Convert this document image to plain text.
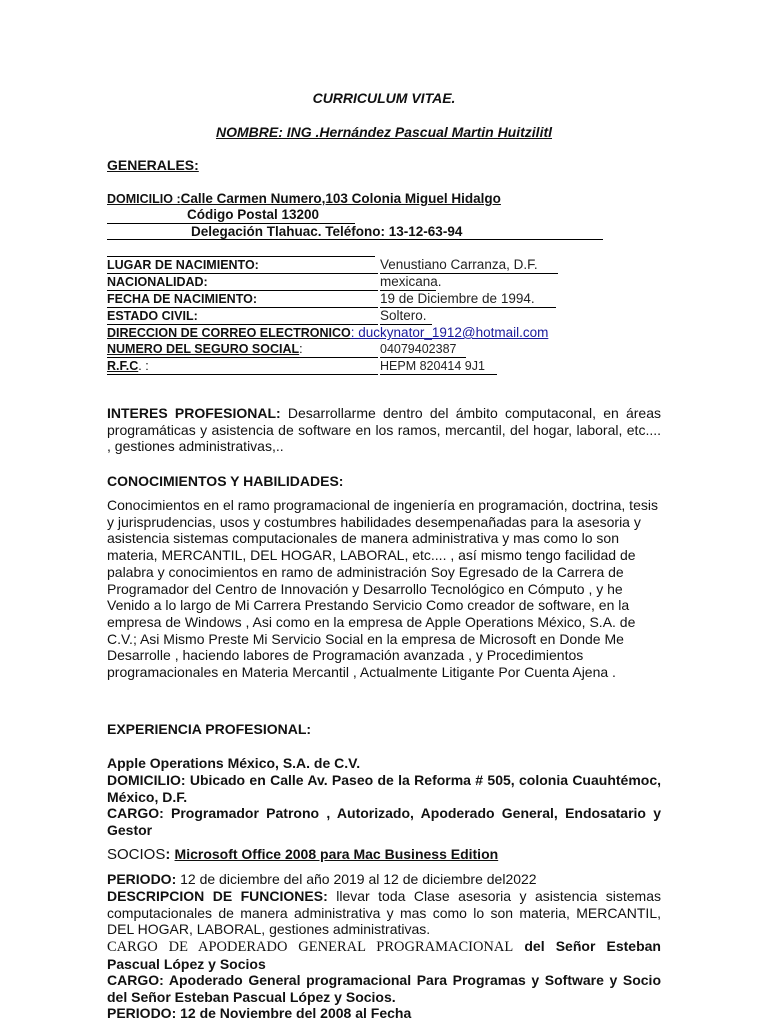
CURRICULUM VITAE.
NOMBRE: ING .Hernández Pascual Martin Huitzilitl
GENERALES:
DOMICILIO :Calle Carmen Numero,103 Colonia Miguel Hidalgo
Código Postal 13200
Delegación Tlahuac. Teléfono: 13-12-63-94
LUGAR DE NACIMIENTO:	Venustiano Carranza, D.F.
NACIONALIDAD:	mexicana.
FECHA DE NACIMIENTO:	19 de Diciembre de 1994.
ESTADO CIVIL:	Soltero.
DIRECCION DE CORREO ELECTRONICO: duckynator_1912@hotmail.com
NUMERO DEL SEGURO SOCIAL:	04079402387
R.F.C. :	HEPM 820414 9J1
INTERES PROFESIONAL: Desarrollarme dentro del ámbito computaconal, en áreas programáticas y asistencia de software en los ramos, mercantil, del hogar, laboral, etc.... , gestiones administrativas,..
CONOCIMIENTOS Y HABILIDADES:
Conocimientos en el ramo programacional de ingeniería en programación, doctrina, tesis y jurisprudencias, usos y costumbres habilidades desempenañadas para la asesoria y asistencia sistemas computacionales de manera administrativa y mas como lo son materia, MERCANTIL, DEL HOGAR, LABORAL, etc.... , así mismo tengo facilidad de palabra y conocimientos en ramo de administración Soy Egresado de la Carrera de Programador del Centro de Innovación y Desarrollo Tecnológico en Cómputo , y he Venido a lo largo de Mi Carrera Prestando Servicio Como creador de software, en la empresa de Windows , Asi como en la empresa de Apple Operations México, S.A. de C.V.; Asi Mismo Preste Mi Servicio Social en la empresa de Microsoft en Donde Me Desarrolle , haciendo labores de Programación avanzada , y Procedimientos programacionales en Materia Mercantil , Actualmente Litigante Por Cuenta Ajena .
EXPERIENCIA PROFESIONAL:
Apple Operations México, S.A. de C.V.
DOMICILIO: Ubicado en Calle Av. Paseo de la Reforma # 505, colonia Cuauhtémoc, México, D.F.
CARGO: Programador Patrono , Autorizado, Apoderado General, Endosatario y Gestor
SOCIOS: Microsoft Office 2008 para Mac Business Edition
PERIODO: 12 de diciembre del año 2019 al 12 de diciembre del2022
DESCRIPCION DE FUNCIONES: llevar toda Clase asesoria y asistencia sistemas computacionales de manera administrativa y mas como lo son materia, MERCANTIL, DEL HOGAR, LABORAL, gestiones administrativas.
CARGO DE APODERADO GENERAL PROGRAMACIONAL del Señor Esteban Pascual López y Socios
CARGO: Apoderado General programacional Para Programas y Software y Socio del Señor Esteban Pascual López y Socios.
PERIODO: 12 de Noviembre del 2008 al Fecha
